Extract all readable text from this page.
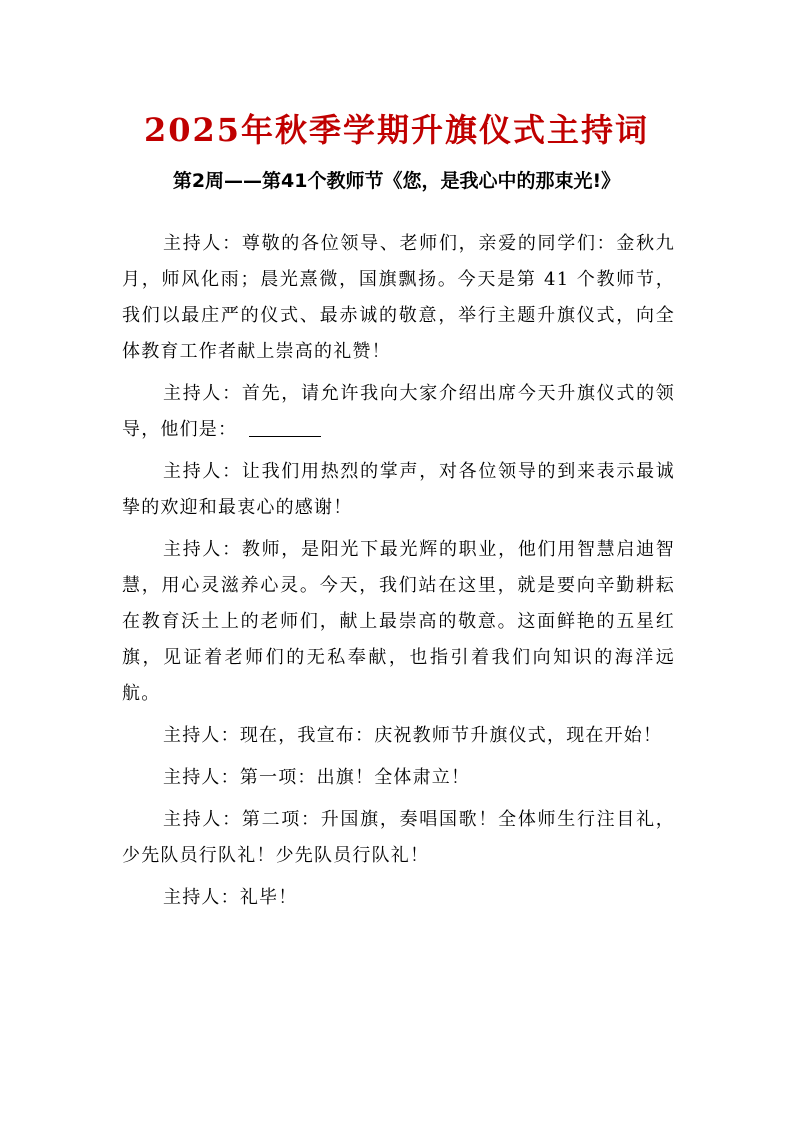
2025年秋季学期升旗仪式主持词
第2周——第41个教师节《您，是我心中的那束光!》

主持人：尊敬的各位领导、老师们，亲爱的同学们：金秋九月，师风化雨；晨光熹微，国旗飘扬。今天是第 41 个教师节，我们以最庄严的仪式、最赤诚的敬意，举行主题升旗仪式，向全体教育工作者献上崇高的礼赞！

主持人：首先，请允许我向大家介绍出席今天升旗仪式的领导，他们是：

主持人：让我们用热烈的掌声，对各位领导的到来表示最诚挚的欢迎和最衷心的感谢！

主持人：教师，是阳光下最光辉的职业，他们用智慧启迪智慧，用心灵滋养心灵。今天，我们站在这里，就是要向辛勤耕耘在教育沃土上的老师们，献上最崇高的敬意。这面鲜艳的五星红旗，见证着老师们的无私奉献，也指引着我们向知识的海洋远航。

主持人：现在，我宣布：庆祝教师节升旗仪式，现在开始！

主持人：第一项：出旗！全体肃立！

主持人：第二项：升国旗，奏唱国歌！全体师生行注目礼，少先队员行队礼！少先队员行队礼！

主持人：礼毕！
